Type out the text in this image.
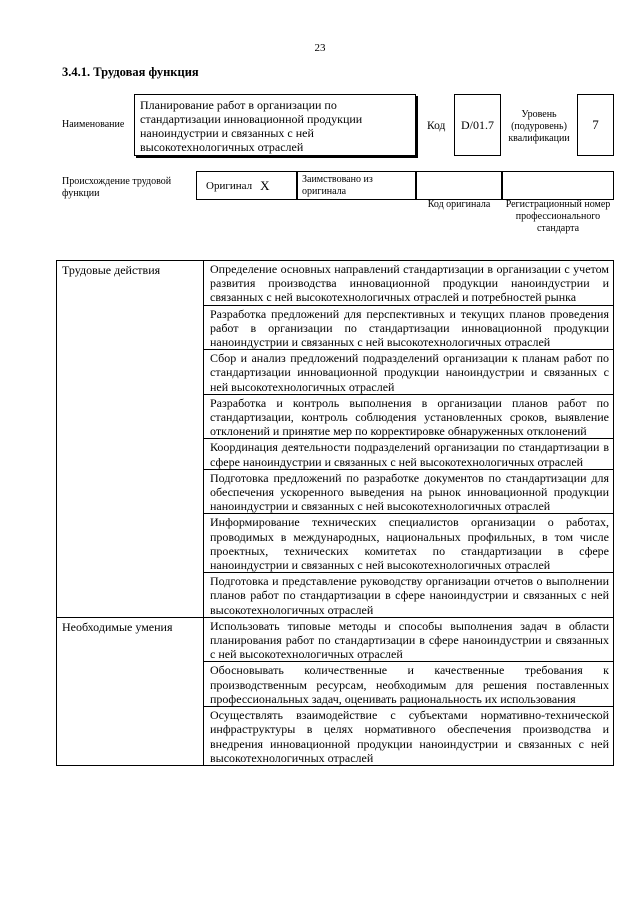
23
3.4.1. Трудовая функция
Наименование
Планирование работ в организации по стандартизации инновационной продукции наноиндустрии и связанных с ней высокотехнологичных отраслей
Код	D/01.7
Уровень (подуровень) квалификации
7
Происхождение трудовой функции
Оригинал X	Заимствовано из оригинала
Код оригинала	Регистрационный номер профессионального стандарта
Трудовые действия	Определение основных направлений стандартизации в организации с учетом развития производства инновационной продукции наноиндустрии и связанных с ней высокотехнологичных отраслей и потребностей рынка
	Разработка предложений для перспективных и текущих планов проведения работ в организации по стандартизации инновационной продукции наноиндустрии и связанных с ней высокотехнологичных отраслей
	Сбор и анализ предложений подразделений организации к планам работ по стандартизации инновационной продукции наноиндустрии и связанных с ней высокотехнологичных отраслей
	Разработка и контроль выполнения в организации планов работ по стандартизации, контроль соблюдения установленных сроков, выявление отклонений и принятие мер по корректировке обнаруженных отклонений
	Координация деятельности подразделений организации по стандартизации в сфере наноиндустрии и связанных с ней высокотехнологичных отраслей
	Подготовка предложений по разработке документов по стандартизации для обеспечения ускоренного выведения на рынок инновационной продукции наноиндустрии и связанных с ней высокотехнологичных отраслей
	Информирование технических специалистов организации о работах, проводимых в международных, национальных профильных, в том числе проектных, технических комитетах по стандартизации в сфере наноиндустрии и связанных с ней высокотехнологичных отраслей
	Подготовка и представление руководству организации отчетов о выполнении планов работ по стандартизации в сфере наноиндустрии и связанных с ней высокотехнологичных отраслей
Необходимые умения	Использовать типовые методы и способы выполнения задач в области планирования работ по стандартизации в сфере наноиндустрии и связанных с ней высокотехнологичных отраслей
	Обосновывать количественные и качественные требования к производственным ресурсам, необходимым для решения поставленных профессиональных задач, оценивать рациональность их использования
	Осуществлять взаимодействие с субъектами нормативно-технической инфраструктуры в целях нормативного обеспечения производства и внедрения инновационной продукции наноиндустрии и связанных с ней высокотехнологичных отраслей
